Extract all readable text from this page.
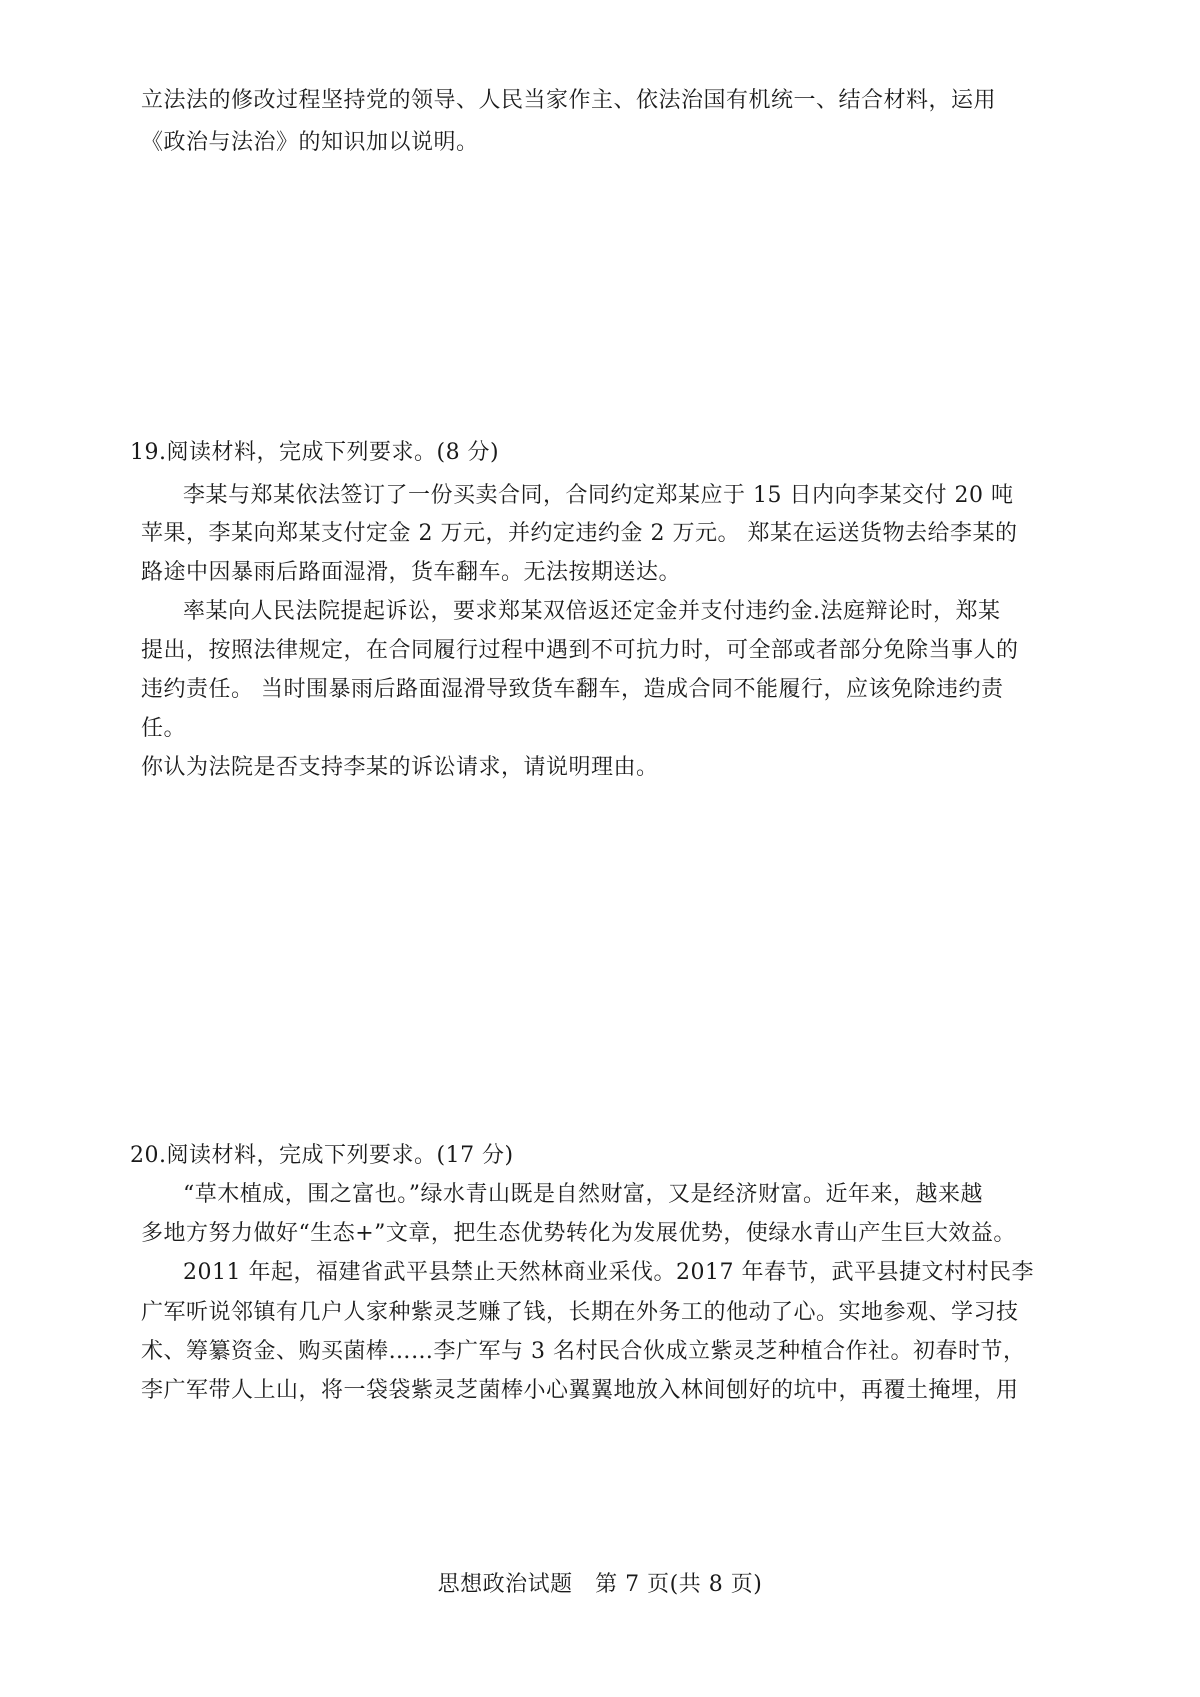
立法法的修改过程坚持党的领导、人民当家作主、依法治国有机统一、结合材料，运用
《政治与法治》的知识加以说明。
19.阅读材料，完成下列要求。(8 分)
李某与郑某依法签订了一份买卖合同，合同约定郑某应于 15 日内向李某交付 20 吨
苹果，李某向郑某支付定金 2 万元，并约定违约金 2 万元。 郑某在运送货物去给李某的
路途中因暴雨后路面湿滑，货车翻车。无法按期送达。
率某向人民法院提起诉讼，要求郑某双倍返还定金并支付违约金.法庭辩论时，郑某
提出，按照法律规定，在合同履行过程中遇到不可抗力时，可全部或者部分免除当事人的
违约责任。 当时围暴雨后路面湿滑导致货车翻车，造成合同不能履行，应该免除违约责
任。
你认为法院是否支持李某的诉讼请求，请说明理由。
20.阅读材料，完成下列要求。(17 分)
“草木植成，围之富也。”绿水青山既是自然财富，又是经济财富。近年来，越来越
多地方努力做好“生态+”文章，把生态优势转化为发展优势，使绿水青山产生巨大效益。
2011 年起，福建省武平县禁止天然林商业采伐。2017 年春节，武平县捷文村村民李
广军听说邻镇有几户人家种紫灵芝赚了钱，长期在外务工的他动了心。实地参观、学习技
术、筹纂资金、购买菌棒……李广军与 3 名村民合伙成立紫灵芝种植合作社。初春时节，
李广军带人上山，将一袋袋紫灵芝菌棒小心翼翼地放入林间刨好的坑中，再覆土掩埋，用
思想政治试题　第 7 页(共 8 页)
